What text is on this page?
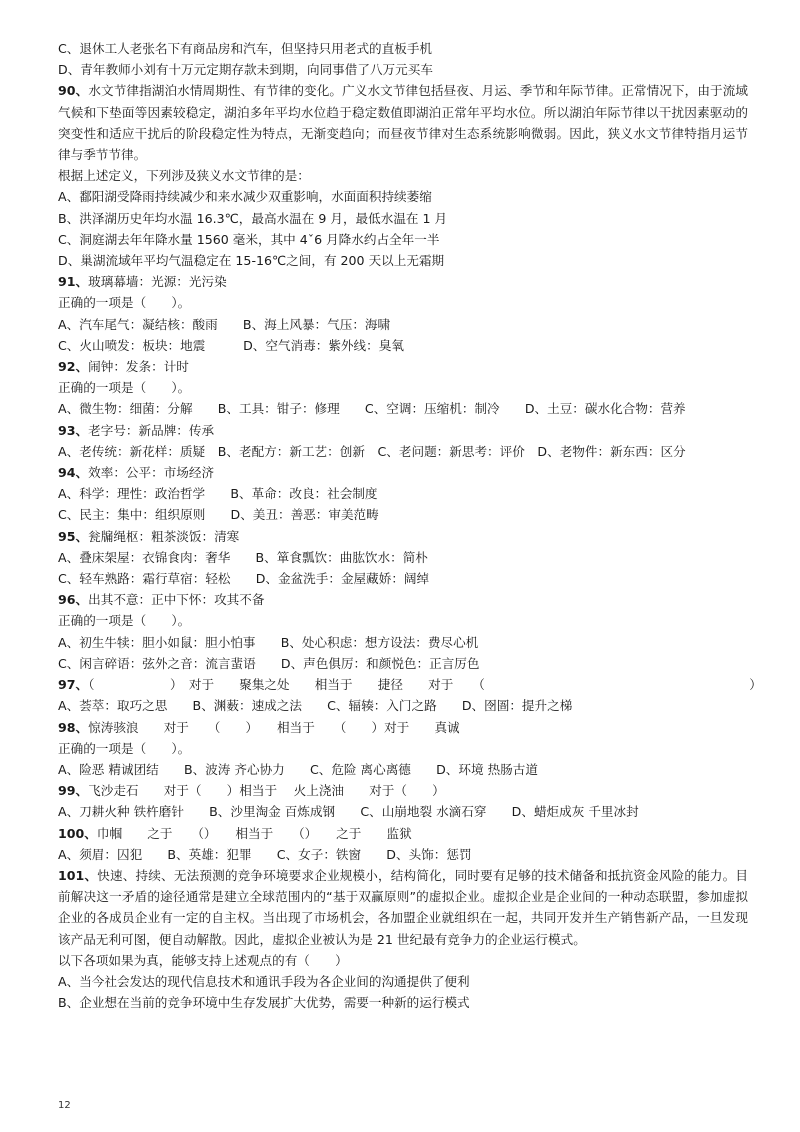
C、退休工人老张名下有商品房和汽车，但坚持只用老式的直板手机
D、青年教师小刘有十万元定期存款未到期，向同事借了八万元买车
90、水文节律指湖泊水情周期性、有节律的变化。广义水文节律包括昼夜、月运、季节和年际节律。正常情况下，由于流域气候和下垫面等因素较稳定，湖泊多年平均水位趋于稳定数值即湖泊正常年平均水位。所以湖泊年际节律以干扰因素驱动的突变性和适应干扰后的阶段稳定性为特点，无渐变趋向；而昼夜节律对生态系统影响微弱。因此，狭义水文节律特指月运节律与季节节律。
根据上述定义，下列涉及狭义水文节律的是：
A、鄱阳湖受降雨持续减少和来水减少双重影响，水面面积持续萎缩
B、洪泽湖历史年均水温 16.3℃，最高水温在 9 月，最低水温在 1 月
C、洞庭湖去年年降水量 1560 毫米，其中 4ˇ6 月降水约占全年一半
D、巢湖流域年平均气温稳定在 15-16℃之间，有 200 天以上无霜期
91、玻璃幕墙：光源：光污染
正确的一项是（　　）。
A、汽车尾气：凝结核：酸雨　　B、海上风暴：气压：海啸
C、火山喷发：板块：地震　　　D、空气消毒：紫外线：臭氧
92、闹钟：发条：计时
正确的一项是（　　）。
A、微生物：细菌：分解　　B、工具：钳子：修理　　C、空调：压缩机：制冷　　D、土豆：碳水化合物：营养
93、老字号：新品牌：传承
A、老传统：新花样：质疑　B、老配方：新工艺：创新　C、老问题：新思考：评价　D、老物件：新东西：区分
94、效率：公平：市场经济
A、科学：理性：政治哲学　　B、革命：改良：社会制度
C、民主：集中：组织原则　　D、美丑：善恶：审美范畴
95、瓮牖绳枢：粗茶淡饭：清寒
A、叠床架屋：衣锦食肉：奢华　　B、箪食瓢饮：曲肱饮水：简朴
C、轻车熟路：霜行草宿：轻松　　D、金盆洗手：金屋藏娇：阔绰
96、出其不意：正中下怀：攻其不备
正确的一项是（　　）。
A、初生牛犊：胆小如鼠：胆小怕事　　B、处心积虑：想方设法：费尽心机
C、闲言碎语：弦外之音：流言蜚语　　D、声色俱厉：和颜悦色：正言厉色
97、（　　　　　　）　对于　　聚集之处　　相当于　　捷径　　对于　　（　　　　　　　　　　　　　　　　　　　　　）
A、荟萃：取巧之思　　B、渊薮：速成之法　　C、辐辏：入门之路　　D、囹圄：提升之梯
98、惊涛骇浪　　对于　　（　　）　　相当于　　（　　）对于　　真诚
正确的一项是（　　）。
A、险恶 精诚团结　　B、波涛 齐心协力　　C、危险 离心离德　　D、环境 热肠古道
99、飞沙走石　　对于（　　）相当于　 火上浇油　　对于（　　）
A、刀耕火种 铁杵磨针　　B、沙里淘金 百炼成钢　　C、山崩地裂 水滴石穿　　D、蜡炬成灰 千里冰封
100、巾帼　　之于　　（）　　相当于　　（）　　之于　　监狱
A、须眉：囚犯　　B、英雄：犯罪　　C、女子：铁窗　　D、头饰：惩罚
101、快速、持续、无法预测的竞争环境要求企业规模小，结构简化，同时要有足够的技术储备和抵抗资金风险的能力。目前解决这一矛盾的途径通常是建立全球范围内的“基于双赢原则”的虚拟企业。虚拟企业是企业间的一种动态联盟，参加虚拟企业的各成员企业有一定的自主权。当出现了市场机会，各加盟企业就组织在一起，共同开发并生产销售新产品，一旦发现该产品无利可图，便自动解散。因此，虚拟企业被认为是 21 世纪最有竞争力的企业运行模式。
以下各项如果为真，能够支持上述观点的有（　　）
A、当今社会发达的现代信息技术和通讯手段为各企业间的沟通提供了便利
B、企业想在当前的竞争环境中生存发展扩大优势，需要一种新的运行模式
12
